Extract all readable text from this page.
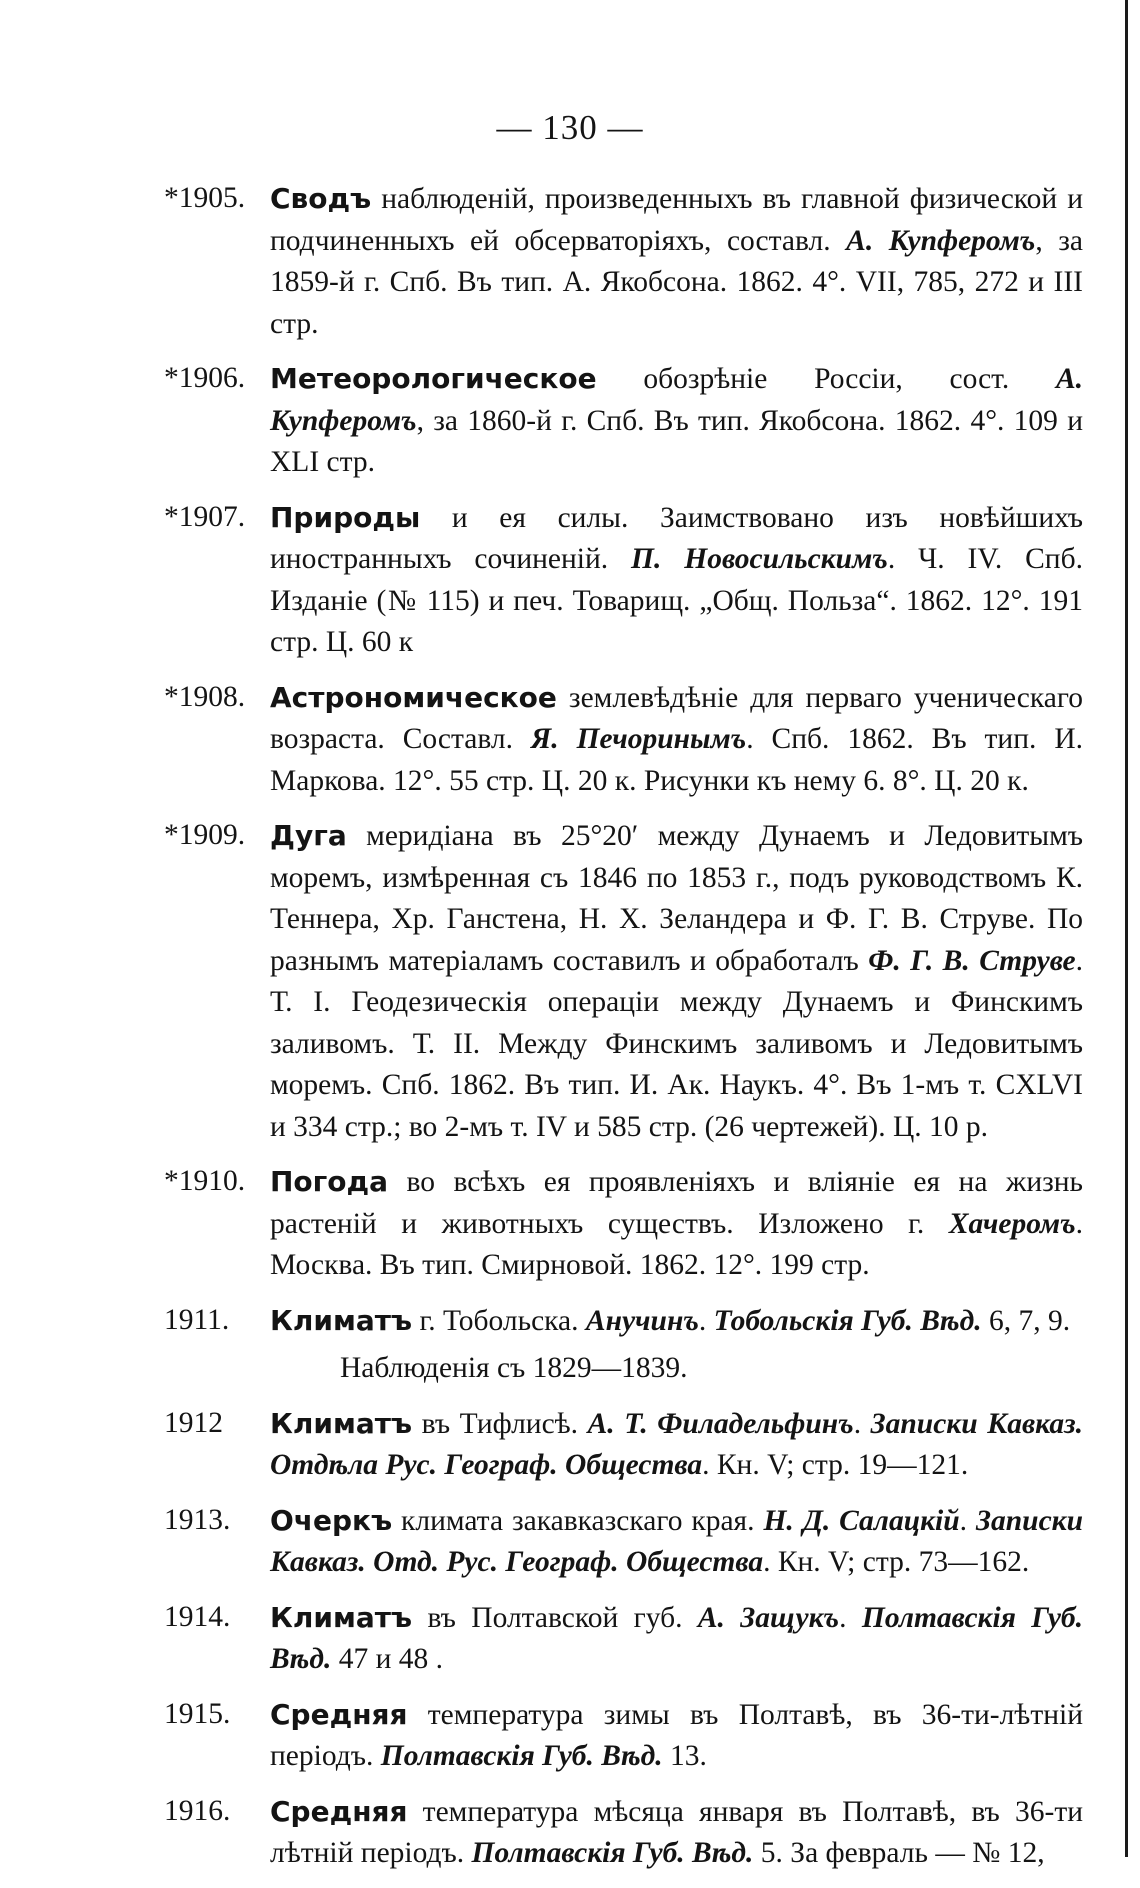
— 130 —
*1905. Сводъ наблюденій, произведенныхъ въ главной физической и подчиненныхъ ей обсерваторіяхъ, составл. А. Купферомъ, за 1859-й г. Спб. Въ тип. А. Якобсона. 1862. 4°. VII, 785, 272 и III стр.
*1906. Метеорологическое обозрѣніе Россіи, сост. А. Купферомъ, за 1860-й г. Спб. Въ тип. Якобсона. 1862. 4°. 109 и XLI стр.
*1907. Природы и ея силы. Заимствовано изъ новѣйшихъ иностранныхъ сочиненій. П. Новосильскимъ. Ч. IV. Спб. Изданіе (№ 115) и печ. Товарищ. „Общ. Польза“. 1862. 12°. 191 стр. Ц. 60 к
*1908. Астрономическое землевѣдѣніе для перваго ученическаго возраста. Составл. Я. Печоринымъ. Спб. 1862. Въ тип. И. Маркова. 12°. 55 стр. Ц. 20 к. Рисунки къ нему 6. 8°. Ц. 20 к.
*1909. Дуга меридіана въ 25°20′ между Дунаемъ и Ледовитымъ моремъ, измѣренная съ 1846 по 1853 г., подъ руководствомъ К. Теннера, Хр. Ганстена, Н. Х. Зеландера и Ф. Г. В. Струве. По разнымъ матеріаламъ составилъ и обработалъ Ф. Г. В. Струве. Т. I. Геодезическія операціи между Дунаемъ и Финскимъ заливомъ. Т. II. Между Финскимъ заливомъ и Ледовитымъ моремъ. Спб. 1862. Въ тип. И. Ак. Наукъ. 4°. Въ 1-мъ т. CXLVI и 334 стр.; во 2-мъ т. IV и 585 стр. (26 чертежей). Ц. 10 р.
*1910. Погода во всѣхъ ея проявленіяхъ и вліяніе ея на жизнь растеній и животныхъ существъ. Изложено г. Хачеромъ. Москва. Въ тип. Смирновой. 1862. 12°. 199 стр.
1911.	Климатъ г. Тобольска. Анучинъ. Тобольскія Губ. Вѣд. 6, 7, 9.
Наблюденія съ 1829—1839.
1912	Климатъ въ Тифлисѣ. А. Т. Филадельфинъ. Записки Кавказ. Отдѣла Рус. Географ. Общества. Кн. V; стр. 19—121.
1913.	Очеркъ климата закавказскаго края. Н. Д. Салацкій. Записки Кавказ. Отд. Рус. Географ. Общества. Кн. V; стр. 73—162.
1914.	Климатъ въ Полтавской губ. А. Защукъ. Полтавскія Губ. Вѣд. 47 и 48 .
1915.	Средняя температура зимы въ Полтавѣ, въ 36-ти-лѣтній періодъ. Полтавскія Губ. Вѣд. 13.
1916.	Средняя температура мѣсяца января въ Полтавѣ, въ 36-ти лѣтній періодъ. Полтавскія Губ. Вѣд. 5. За февраль — № 12,
